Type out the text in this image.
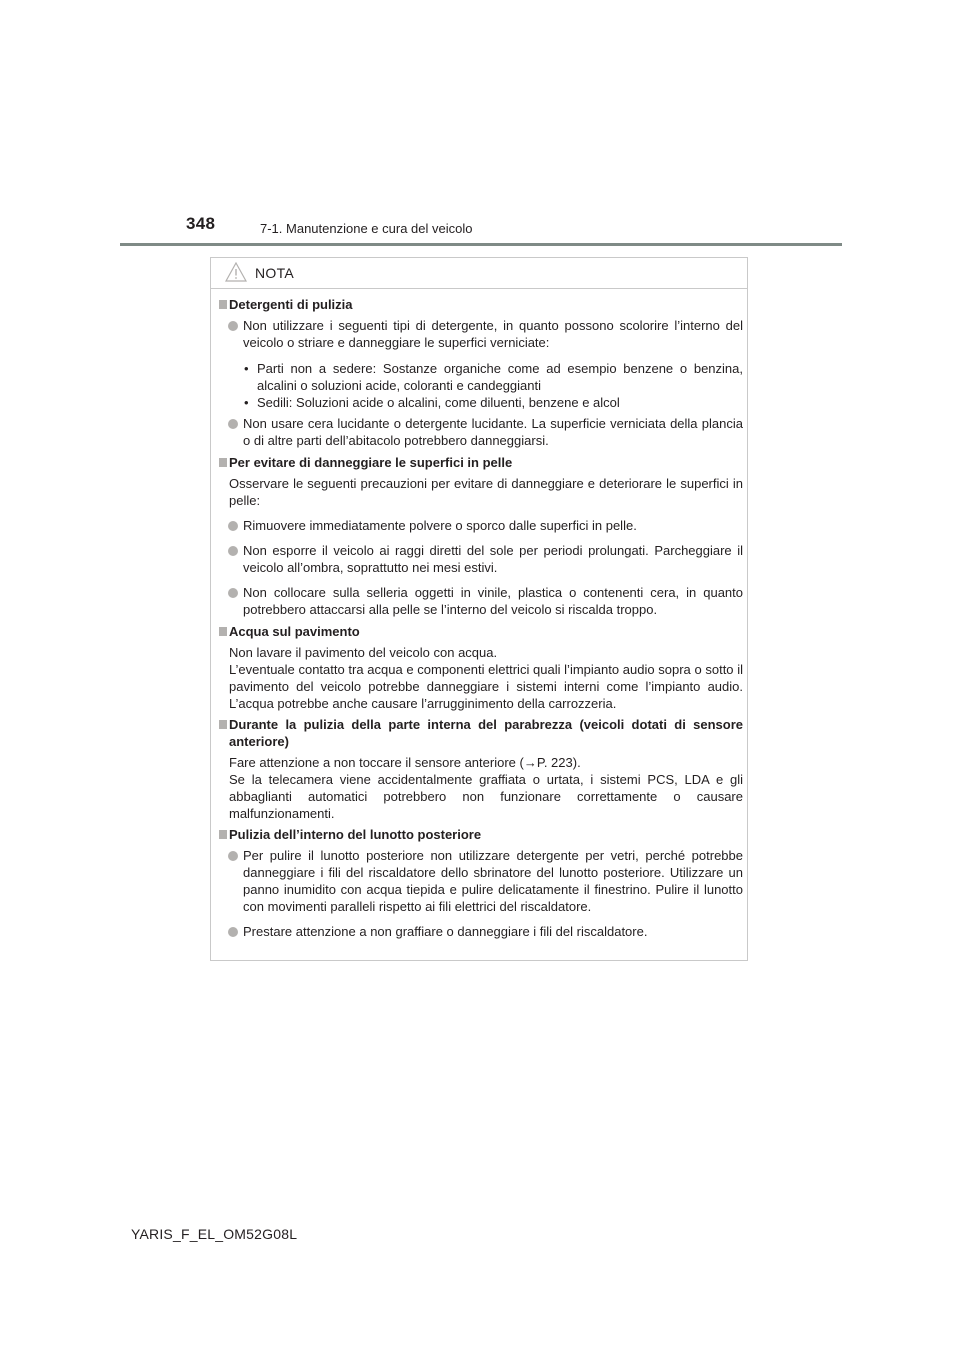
348	7-1. Manutenzione e cura del veicolo
NOTA
Detergenti di pulizia
Non utilizzare i seguenti tipi di detergente, in quanto possono scolorire l’interno del veicolo o striare e danneggiare le superfici verniciate:
• Parti non a sedere: Sostanze organiche come ad esempio benzene o benzina, alcalini o soluzioni acide, coloranti e candeggianti
• Sedili: Soluzioni acide o alcalini, come diluenti, benzene e alcol
Non usare cera lucidante o detergente lucidante. La superficie verniciata della plancia o di altre parti dell’abitacolo potrebbero danneggiarsi.
Per evitare di danneggiare le superfici in pelle
Osservare le seguenti precauzioni per evitare di danneggiare e deteriorare le superfici in pelle:
Rimuovere immediatamente polvere o sporco dalle superfici in pelle.
Non esporre il veicolo ai raggi diretti del sole per periodi prolungati. Parcheggiare il veicolo all’ombra, soprattutto nei mesi estivi.
Non collocare sulla selleria oggetti in vinile, plastica o contenenti cera, in quanto potrebbero attaccarsi alla pelle se l’interno del veicolo si riscalda troppo.
Acqua sul pavimento
Non lavare il pavimento del veicolo con acqua.
L’eventuale contatto tra acqua e componenti elettrici quali l’impianto audio sopra o sotto il pavimento del veicolo potrebbe danneggiare i sistemi interni come l’impianto audio. L’acqua potrebbe anche causare l’arrugginimento della carrozzeria.
Durante la pulizia della parte interna del parabrezza (veicoli dotati di sensore anteriore)
Fare attenzione a non toccare il sensore anteriore (→P. 223).
Se la telecamera viene accidentalmente graffiata o urtata, i sistemi PCS, LDA e gli abbaglianti automatici potrebbero non funzionare correttamente o causare malfunzionamenti.
Pulizia dell’interno del lunotto posteriore
Per pulire il lunotto posteriore non utilizzare detergente per vetri, perché potrebbe danneggiare i fili del riscaldatore dello sbrinatore del lunotto posteriore. Utilizzare un panno inumidito con acqua tiepida e pulire delicatamente il finestrino. Pulire il lunotto con movimenti paralleli rispetto ai fili elettrici del riscaldatore.
Prestare attenzione a non graffiare o danneggiare i fili del riscaldatore.
YARIS_F_EL_OM52G08L
